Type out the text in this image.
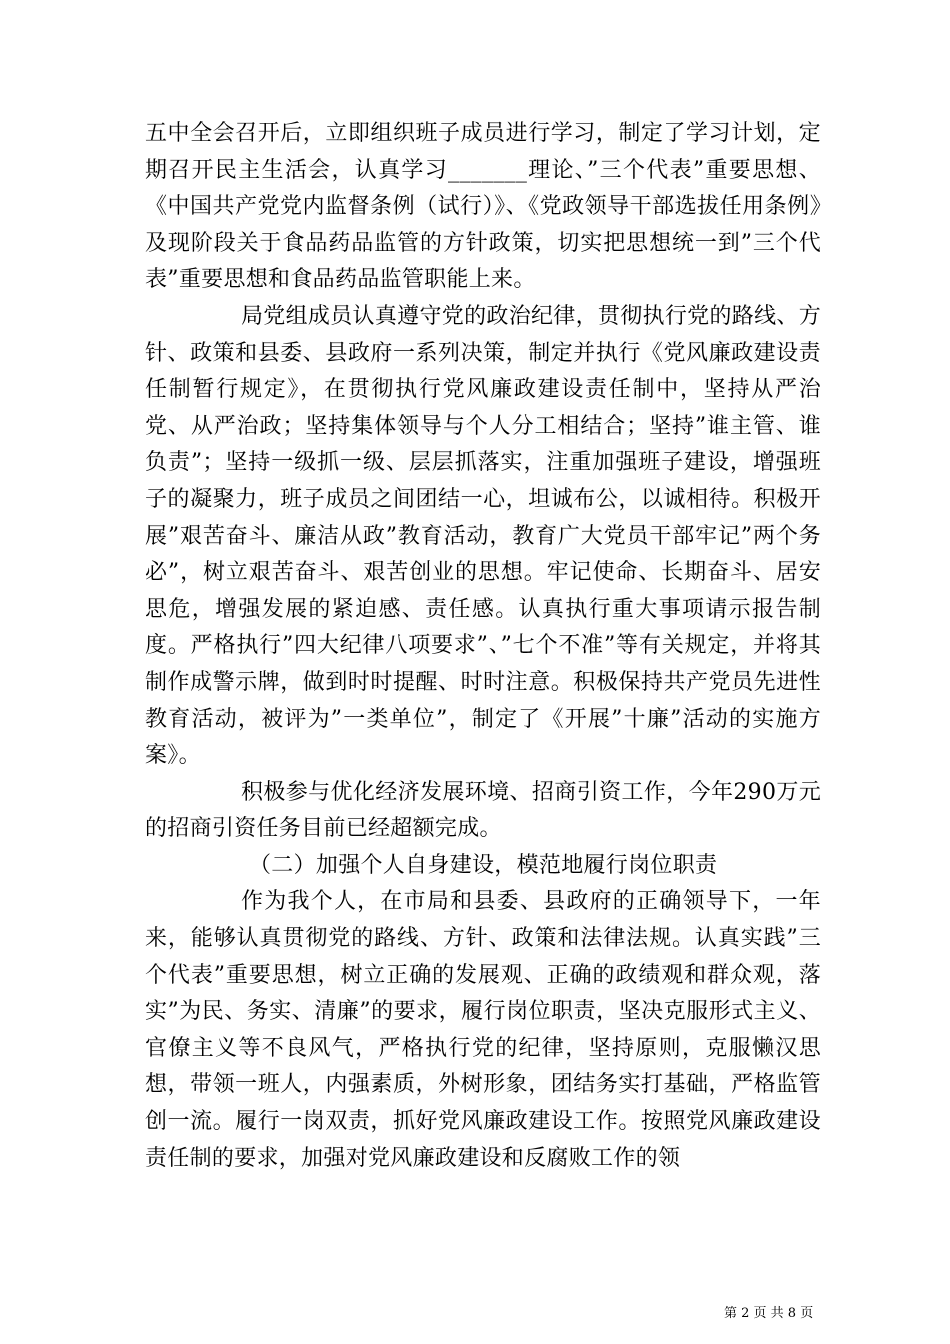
五中全会召开后，立即组织班子成员进行学习，制定了学习计划，定期召开民主生活会，认真学习_______理论、”三个代表”重要思想、《中国共产党党内监督条例（试行）》、《党政领导干部选拔任用条例》及现阶段关于食品药品监管的方针政策，切实把思想统一到”三个代表”重要思想和食品药品监管职能上来。

局党组成员认真遵守党的政治纪律，贯彻执行党的路线、方针、政策和县委、县政府一系列决策，制定并执行《党风廉政建设责任制暂行规定》，在贯彻执行党风廉政建设责任制中，坚持从严治党、从严治政；坚持集体领导与个人分工相结合；坚持”谁主管、谁负责”；坚持一级抓一级、层层抓落实，注重加强班子建设，增强班子的凝聚力，班子成员之间团结一心，坦诚布公，以诚相待。积极开展”艰苦奋斗、廉洁从政”教育活动，教育广大党员干部牢记”两个务必”，树立艰苦奋斗、艰苦创业的思想。牢记使命、长期奋斗、居安思危，增强发展的紧迫感、责任感。认真执行重大事项请示报告制度。严格执行”四大纪律八项要求”、”七个不准”等有关规定，并将其制作成警示牌，做到时时提醒、时时注意。积极保持共产党员先进性教育活动，被评为”一类单位”，制定了《开展”十廉”活动的实施方案》。

积极参与优化经济发展环境、招商引资工作，今年290万元的招商引资任务目前已经超额完成。

（二）加强个人自身建设，模范地履行岗位职责

作为我个人，在市局和县委、县政府的正确领导下，一年来，能够认真贯彻党的路线、方针、政策和法律法规。认真实践”三个代表”重要思想，树立正确的发展观、正确的政绩观和群众观，落实”为民、务实、清廉”的要求，履行岗位职责，坚决克服形式主义、官僚主义等不良风气，严格执行党的纪律，坚持原则，克服懒汉思想，带领一班人，内强素质，外树形象，团结务实打基础，严格监管创一流。履行一岗双责，抓好党风廉政建设工作。按照党风廉政建设责任制的要求，加强对党风廉政建设和反腐败工作的领

第 2 页 共 8 页
